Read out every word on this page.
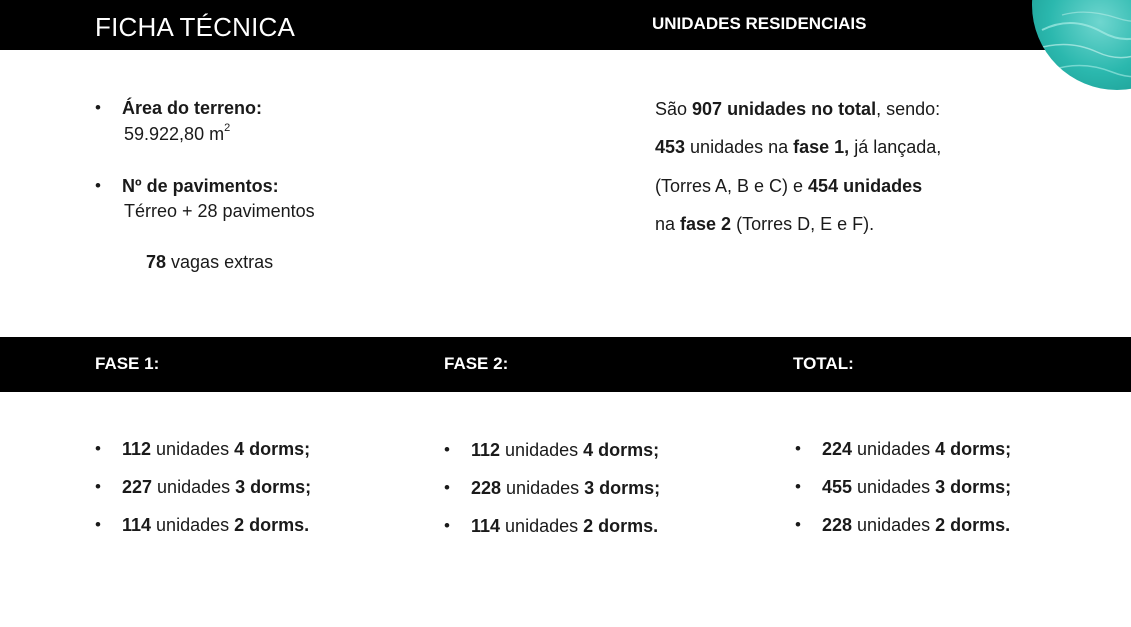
FICHA TÉCNICA	UNIDADES RESIDENCIAIS
• Área do terreno:
59.922,80 $m^2$
• Nº de pavimentos:
Térreo + 28 pavimentos
78 vagas extras
São 907 unidades no total, sendo:
453 unidades na fase 1, já lançada,
(Torres A, B e C) e 454 unidades
na fase 2 (Torres D, E e F).
FASE 1:	FASE 2:	TOTAL:
• 112 unidades 4 dorms;
• 227 unidades 3 dorms;
• 114 unidades 2 dorms.
• 112 unidades 4 dorms;
• 228 unidades 3 dorms;
• 114 unidades 2 dorms.
• 224 unidades 4 dorms;
• 455 unidades 3 dorms;
• 228 unidades 2 dorms.
